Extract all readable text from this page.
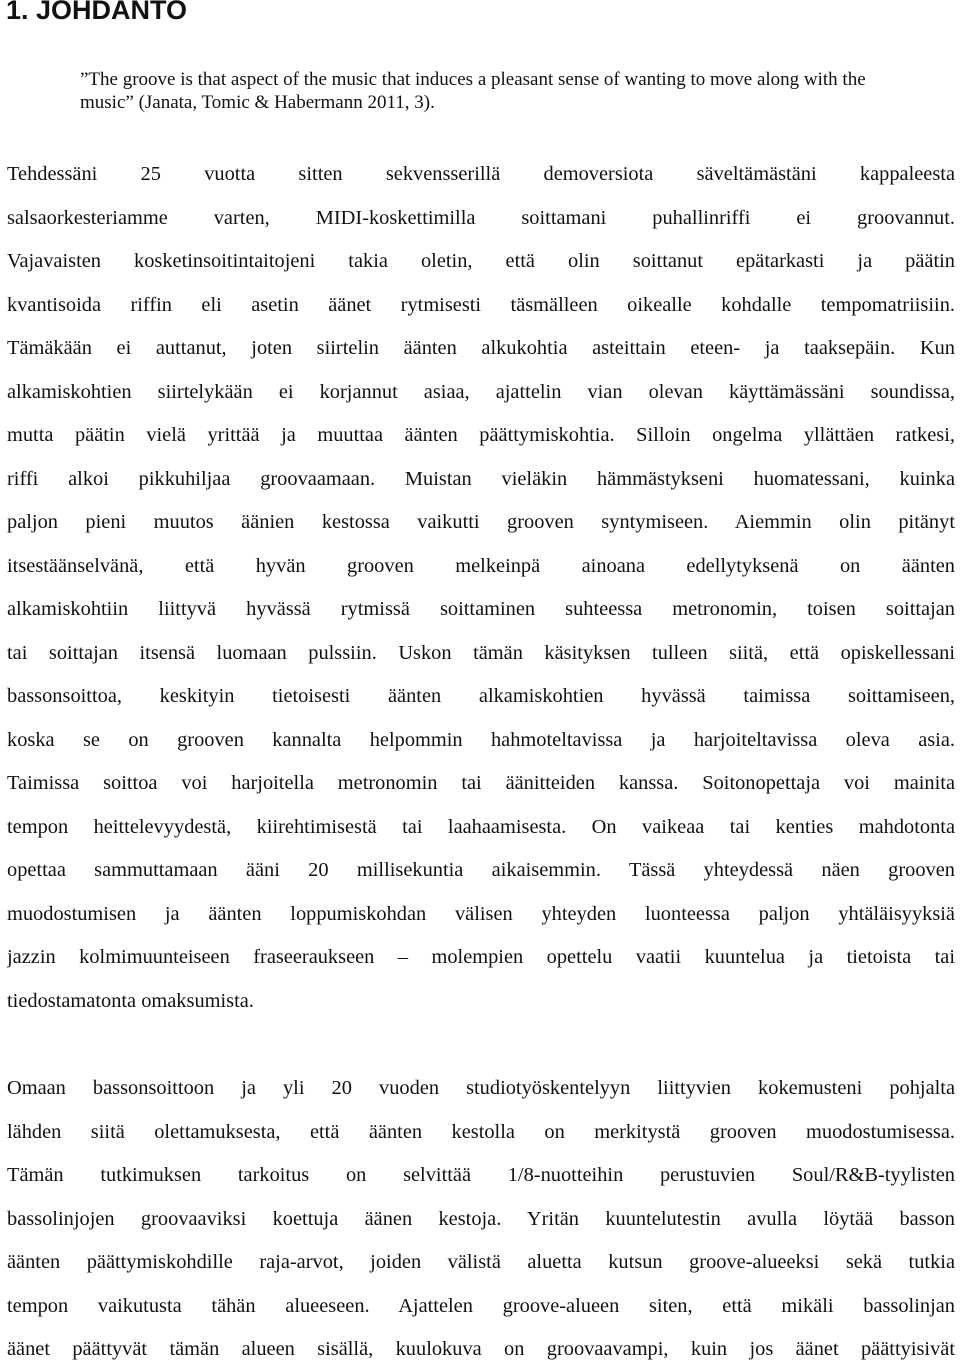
1. JOHDANTO

”The groove is that aspect of the music that induces a pleasant sense of wanting to move along with the
music” (Janata, Tomic & Habermann 2011, 3).

Tehdessäni 25 vuotta sitten sekvensserillä demoversiota säveltämästäni kappaleesta
salsaorkesteriamme varten, MIDI-koskettimilla soittamani puhallinriffi ei groovannut.
Vajavaisten kosketinsoitintaitojeni takia oletin, että olin soittanut epätarkasti ja päätin
kvantisoida riffin eli asetin äänet rytmisesti täsmälleen oikealle kohdalle tempomatriisiin.
Tämäkään ei auttanut, joten siirtelin äänten alkukohtia asteittain eteen- ja taaksepäin. Kun
alkamiskohtien siirtelykään ei korjannut asiaa, ajattelin vian olevan käyttämässäni soundissa,
mutta päätin vielä yrittää ja muuttaa äänten päättymiskohtia. Silloin ongelma yllättäen ratkesi,
riffi alkoi pikkuhiljaa groovaamaan. Muistan vieläkin hämmästykseni huomatessani, kuinka
paljon pieni muutos äänien kestossa vaikutti grooven syntymiseen. Aiemmin olin pitänyt
itsestäänselvänä, että hyvän grooven melkeinpä ainoana edellytyksenä on äänten
alkamiskohtiin liittyvä hyvässä rytmissä soittaminen suhteessa metronomin, toisen soittajan
tai soittajan itsensä luomaan pulssiin. Uskon tämän käsityksen tulleen siitä, että opiskellessani
bassonsoittoa, keskityin tietoisesti äänten alkamiskohtien hyvässä taimissa soittamiseen,
koska se on grooven kannalta helpommin hahmoteltavissa ja harjoiteltavissa oleva asia.
Taimissa soittoa voi harjoitella metronomin tai äänitteiden kanssa. Soitonopettaja voi mainita
tempon heittelevyydestä, kiirehtimisestä tai laahaamisesta. On vaikeaa tai kenties mahdotonta
opettaa sammuttamaan ääni 20 millisekuntia aikaisemmin. Tässä yhteydessä näen grooven
muodostumisen ja äänten loppumiskohdan välisen yhteyden luonteessa paljon yhtäläisyyksiä
jazzin kolmimuunteiseen fraseeraukseen – molempien opettelu vaatii kuuntelua ja tietoista tai
tiedostamatonta omaksumista.
Omaan bassonsoittoon ja yli 20 vuoden studiotyöskentelyyn liittyvien kokemusteni pohjalta
lähden siitä olettamuksesta, että äänten kestolla on merkitystä grooven muodostumisessa.
Tämän tutkimuksen tarkoitus on selvittää 1/8-nuotteihin perustuvien Soul/R&B-tyylisten
bassolinjojen groovaaviksi koettuja äänen kestoja. Yritän kuuntelutestin avulla löytää basson
äänten päättymiskohdille raja-arvot, joiden välistä aluetta kutsun groove-alueeksi sekä tutkia
tempon vaikutusta tähän alueeseen. Ajattelen groove-alueen siten, että mikäli bassolinjan
äänet päättyvät tämän alueen sisällä, kuulokuva on groovaavampi, kuin jos äänet päättyisivät
